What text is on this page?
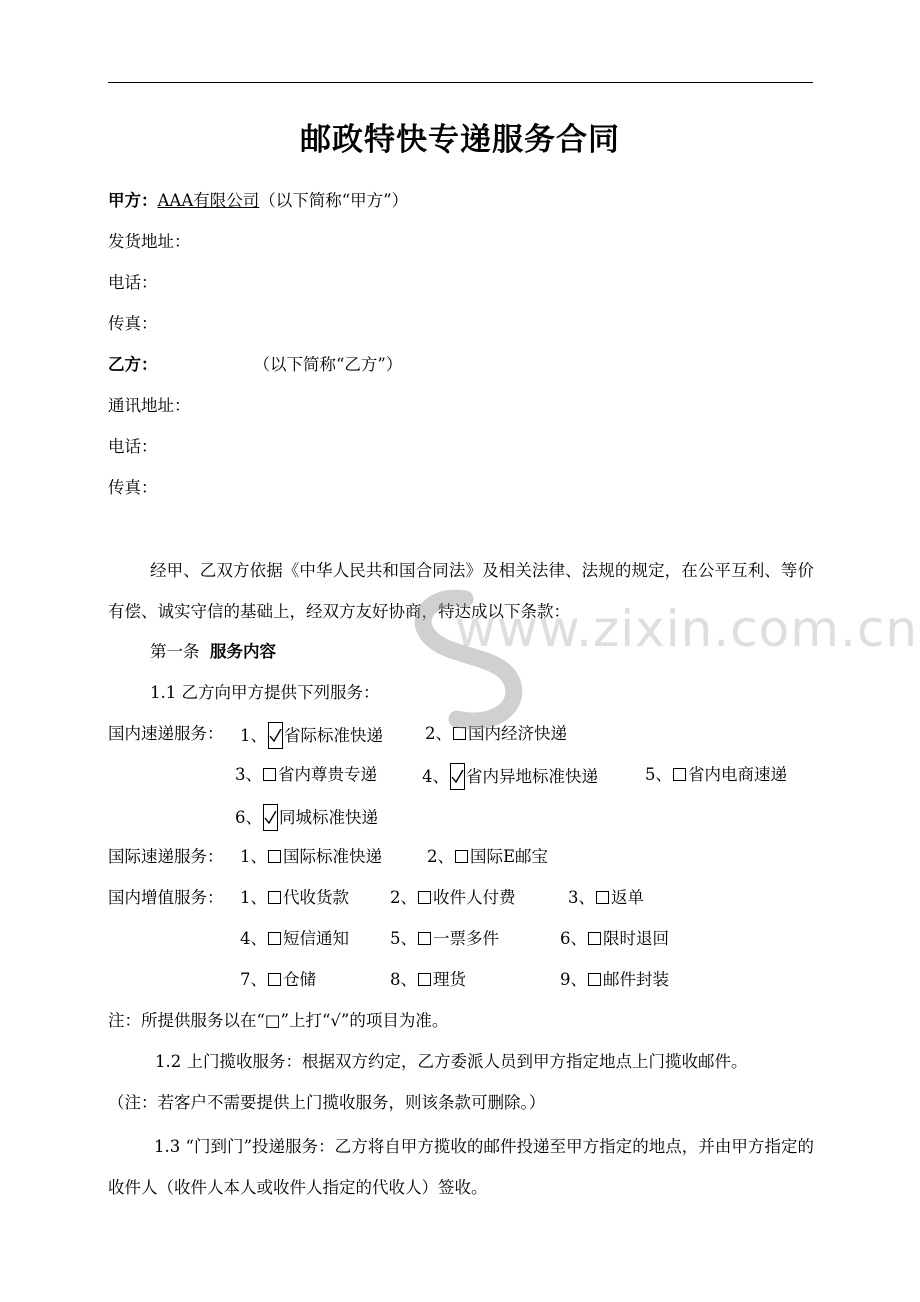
邮政特快专递服务合同
甲方：AAA有限公司（以下简称“甲方”）
发货地址：
电话：
传真：
乙方：	（以下简称“乙方”）
通讯地址：
电话：
传真：
经甲、乙双方依据《中华人民共和国合同法》及相关法律、法规的规定，在公平互利、等价有偿、诚实守信的基础上，经双方友好协商，特达成以下条款：
第一条 服务内容
1.1 乙方向甲方提供下列服务：
国内速递服务： 1、 省际标准快递	2、 国内经济快递
3、 省内尊贵专递	4、 省内异地标准快递	5、 省内电商速递
6、 同城标准快递
国际速递服务： 1、 国际标准快递	2、 国际E邮宝
国内增值服务： 1、 代收货款 2、 收件人付费	3、 返单
4、 短信通知 5、 一票多件	6、 限时退回
7、 仓储	8、 理货	9、 邮件封装
注：所提供服务以在“□”上打“√”的项目为准。
1.2 上门揽收服务：根据双方约定，乙方委派人员到甲方指定地点上门揽收邮件。
（注：若客户不需要提供上门揽收服务，则该条款可删除。）
1.3 “门到门”投递服务：乙方将自甲方揽收的邮件投递至甲方指定的地点，并由甲方指定的收件人（收件人本人或收件人指定的代收人）签收。
www.zixin.com.cn
